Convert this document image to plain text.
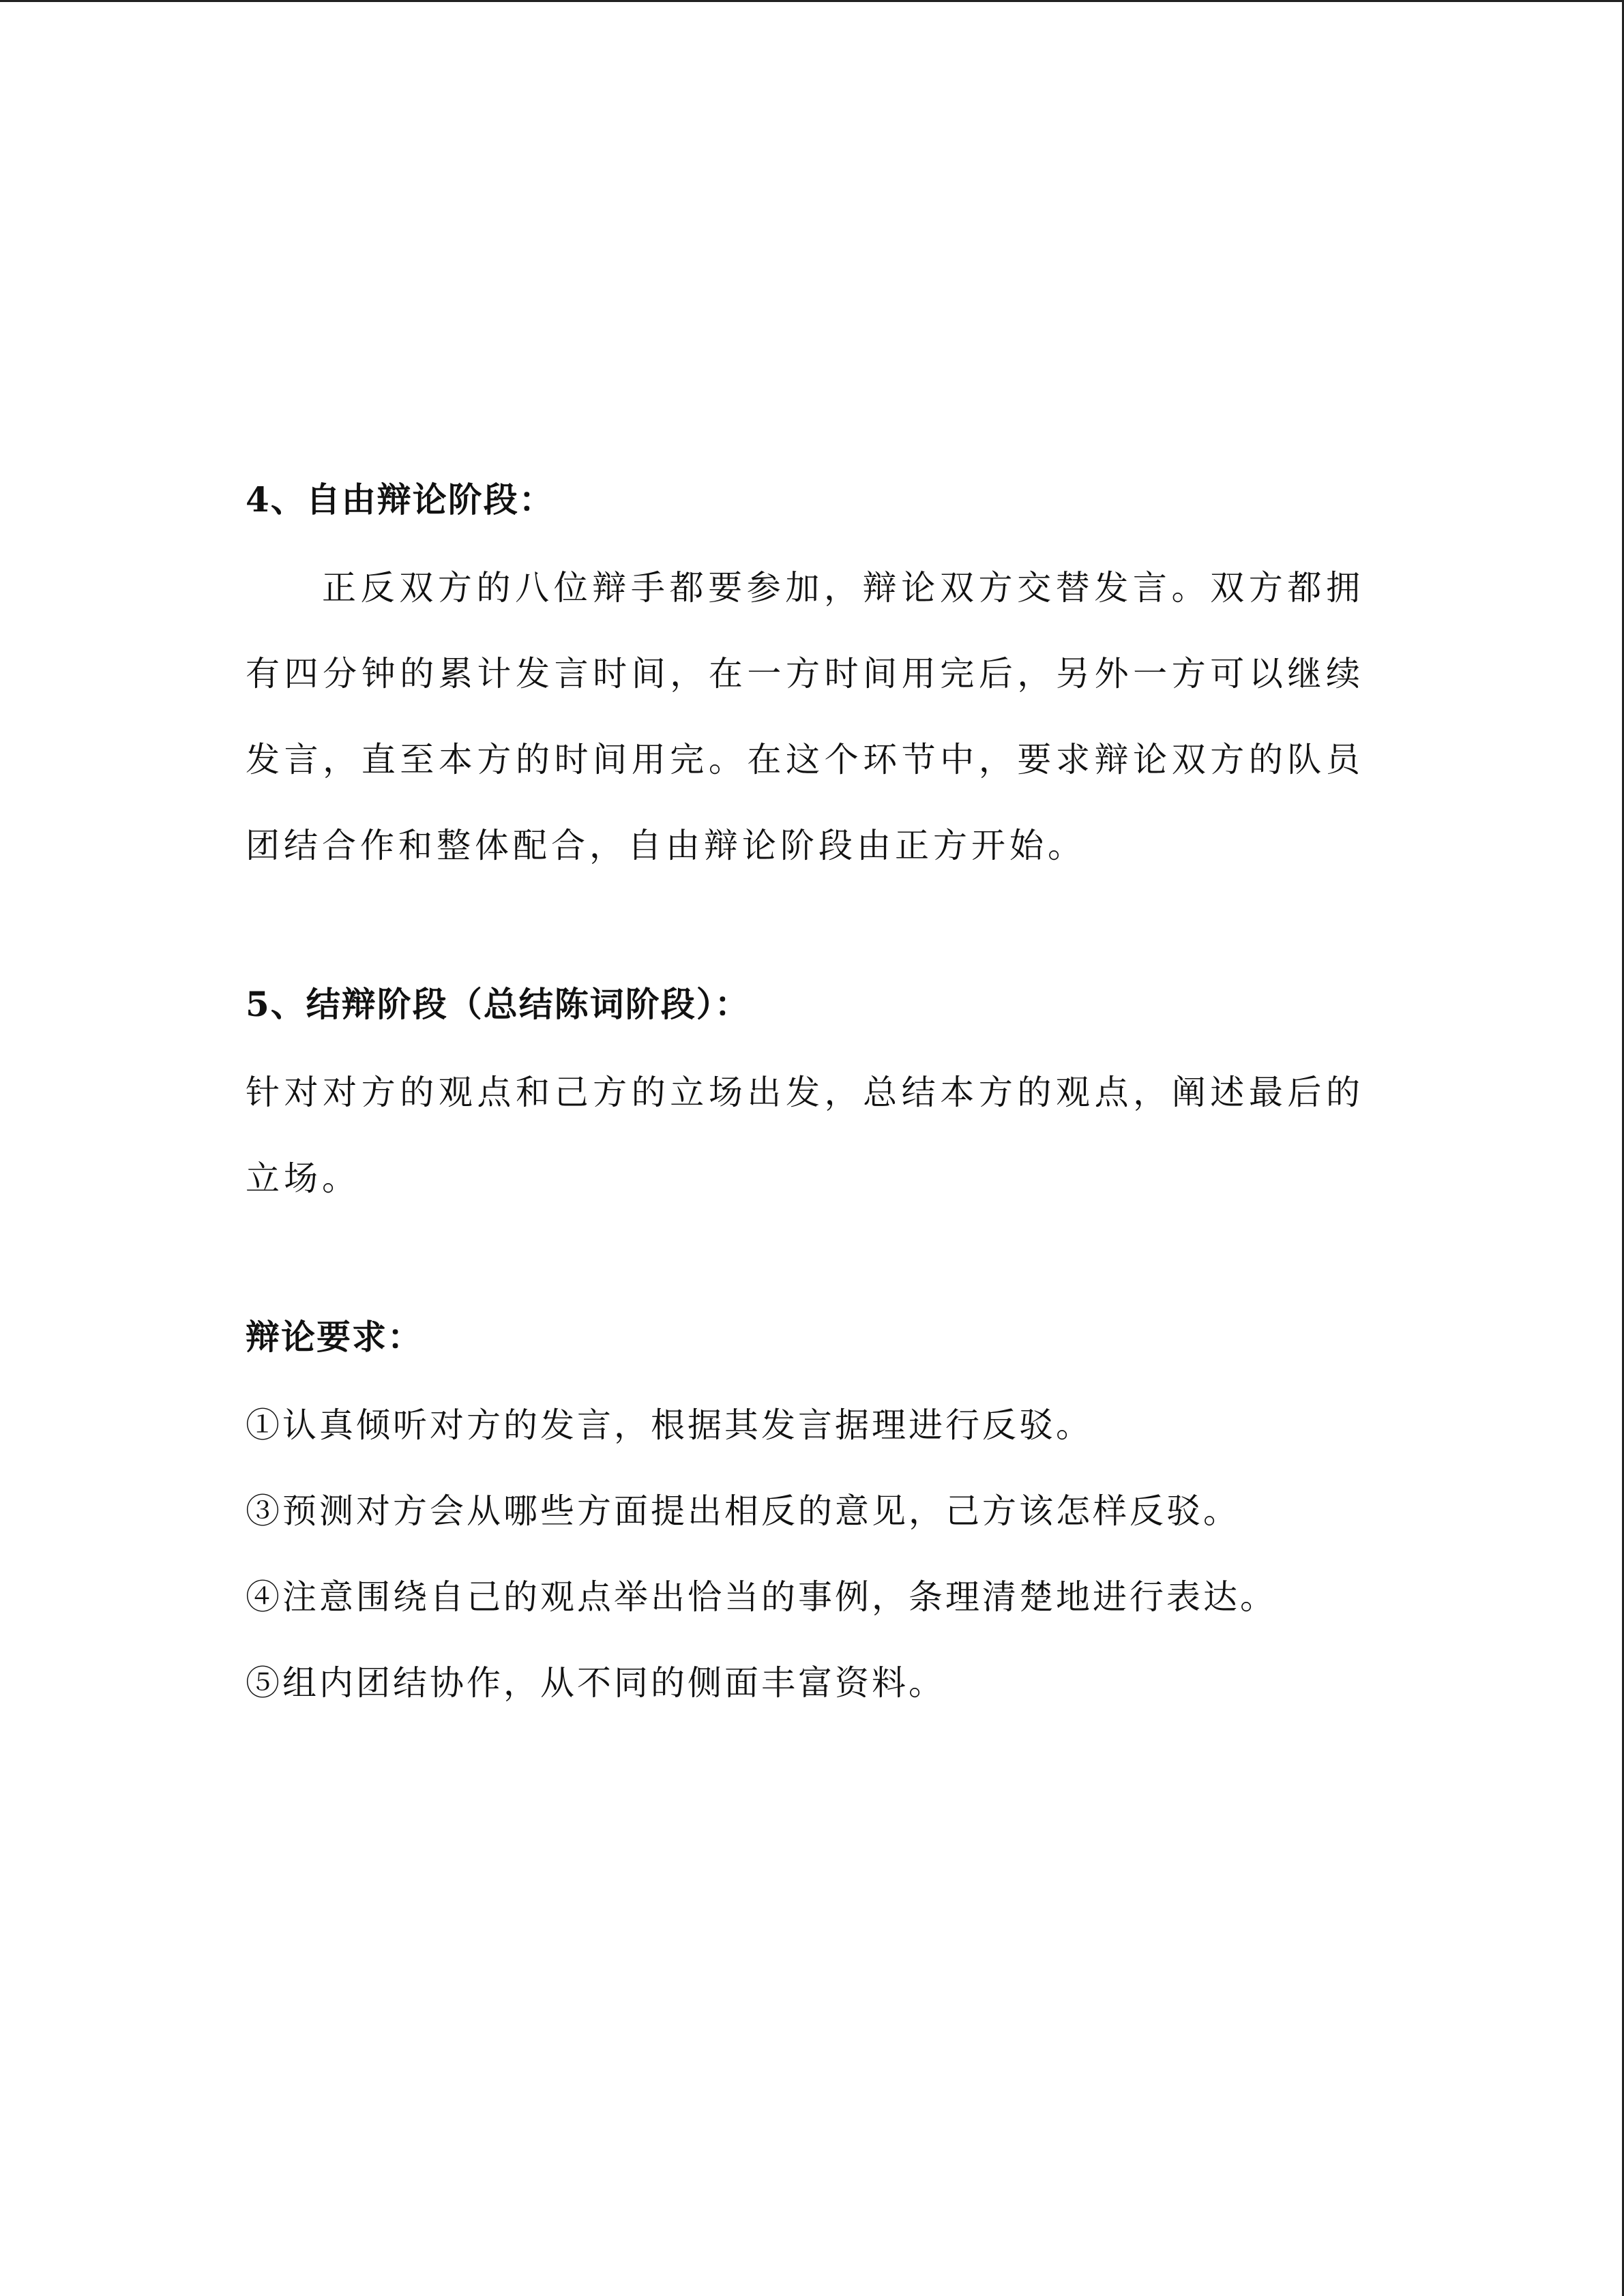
4、自由辩论阶段：

正反双方的八位辩手都要参加，辩论双方交替发言。双方都拥有四分钟的累计发言时间，在一方时间用完后，另外一方可以继续发言，直至本方的时间用完。在这个环节中，要求辩论双方的队员团结合作和整体配合，自由辩论阶段由正方开始。

5、结辩阶段（总结陈词阶段）：

针对对方的观点和己方的立场出发，总结本方的观点，阐述最后的立场。

辩论要求：

①认真倾听对方的发言，根据其发言据理进行反驳。

③预测对方会从哪些方面提出相反的意见，己方该怎样反驳。

④注意围绕自己的观点举出恰当的事例，条理清楚地进行表达。

⑤组内团结协作，从不同的侧面丰富资料。
